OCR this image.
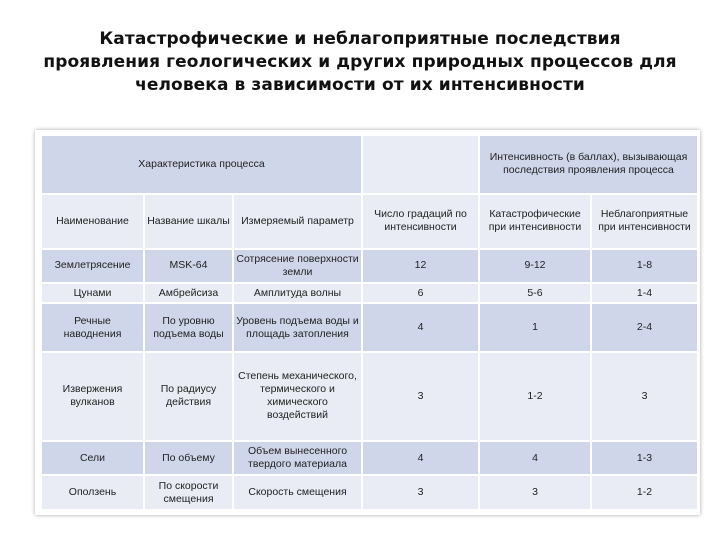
Катастрофические и неблагоприятные последствия проявления геологических и других природных процессов для человека в зависимости от их интенсивности
Характеристика процесса				Интенсивность (в баллах), вызывающая последствия проявления процесса	
Наименование	Название шкалы	Измеряемый параметр	Число градаций по интенсивности	Катастрофические при интенсивности	Неблагоприятные при интенсивности
Землетрясение	MSK-64	Сотрясение поверхности земли	12	9-12	1-8
Цунами	Амбрейсиза	Амплитуда волны	6	5-6	1-4
Речные наводнения	По уровню подъема воды	Уровень подъема воды и площадь затопления	4	1	2-4
Извержения вулканов	По радиусу действия	Степень механического, термического и химического воздействий	3	1-2	3
Сели	По объему	Объем вынесенного твердого материала	4	4	1-3
Оползень	По скорости смещения	Скорость смещения	3	3	1-2
